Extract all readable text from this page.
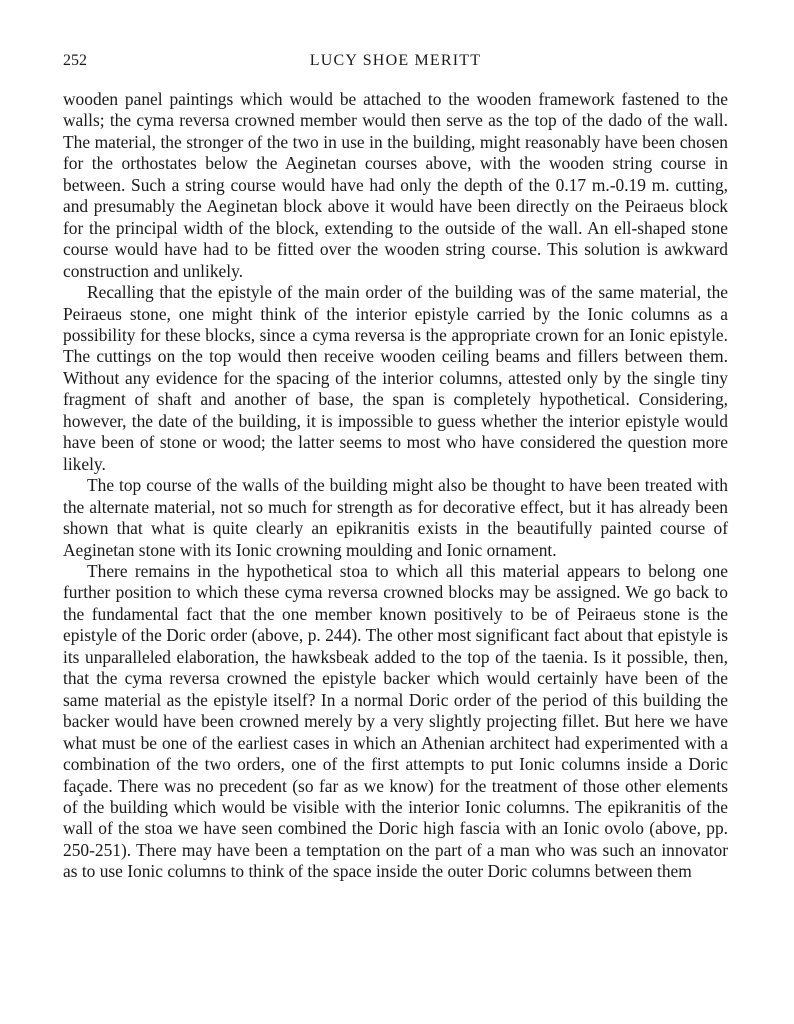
252	LUCY SHOE MERITT

wooden panel paintings which would be attached to the wooden framework fastened to the walls; the cyma reversa crowned member would then serve as the top of the dado of the wall. The material, the stronger of the two in use in the building, might reasonably have been chosen for the orthostates below the Aeginetan courses above, with the wooden string course in between. Such a string course would have had only the depth of the 0.17 m.-0.19 m. cutting, and presumably the Aeginetan block above it would have been directly on the Peiraeus block for the principal width of the block, extending to the outside of the wall. An ell-shaped stone course would have had to be fitted over the wooden string course. This solution is awkward construction and unlikely.

Recalling that the epistyle of the main order of the building was of the same material, the Peiraeus stone, one might think of the interior epistyle carried by the Ionic columns as a possibility for these blocks, since a cyma reversa is the appropriate crown for an Ionic epistyle. The cuttings on the top would then receive wooden ceiling beams and fillers between them. Without any evidence for the spacing of the interior columns, attested only by the single tiny fragment of shaft and another of base, the span is completely hypothetical. Considering, however, the date of the building, it is impossible to guess whether the interior epistyle would have been of stone or wood; the latter seems to most who have considered the question more likely.

The top course of the walls of the building might also be thought to have been treated with the alternate material, not so much for strength as for decorative effect, but it has already been shown that what is quite clearly an epikranitis exists in the beautifully painted course of Aeginetan stone with its Ionic crowning moulding and Ionic ornament.

There remains in the hypothetical stoa to which all this material appears to belong one further position to which these cyma reversa crowned blocks may be assigned. We go back to the fundamental fact that the one member known positively to be of Peiraeus stone is the epistyle of the Doric order (above, p. 244). The other most significant fact about that epistyle is its unparalleled elaboration, the hawksbeak added to the top of the taenia. Is it possible, then, that the cyma reversa crowned the epistyle backer which would certainly have been of the same material as the epistyle itself? In a normal Doric order of the period of this building the backer would have been crowned merely by a very slightly projecting fillet. But here we have what must be one of the earliest cases in which an Athenian architect had experimented with a combination of the two orders, one of the first attempts to put Ionic columns inside a Doric façade. There was no precedent (so far as we know) for the treatment of those other elements of the building which would be visible with the interior Ionic columns. The epikranitis of the wall of the stoa we have seen combined the Doric high fascia with an Ionic ovolo (above, pp. 250-251). There may have been a temptation on the part of a man who was such an innovator as to use Ionic columns to think of the space inside the outer Doric columns between them
